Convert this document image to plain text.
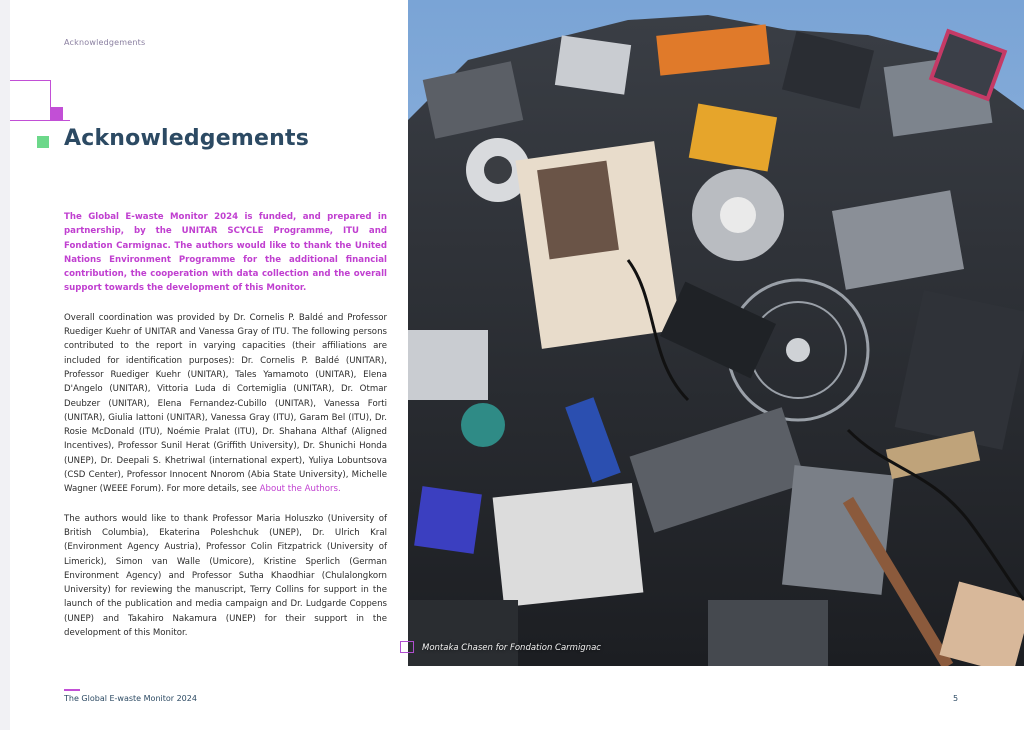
Acknowledgements
Acknowledgements

The Global E-waste Monitor 2024 is funded, and prepared in partnership, by the UNITAR SCYCLE Programme, ITU and Fondation Carmignac. The authors would like to thank the United Nations Environment Programme for the additional financial contribution, the cooperation with data collection and the overall support towards the development of this Monitor.

Overall coordination was provided by Dr. Cornelis P. Baldé and Professor Ruediger Kuehr of UNITAR and Vanessa Gray of ITU. The following persons contributed to the report in varying capacities (their affiliations are included for identification purposes): Dr. Cornelis P. Baldé (UNITAR), Professor Ruediger Kuehr (UNITAR), Tales Yamamoto (UNITAR), Elena D'Angelo (UNITAR), Vittoria Luda di Cortemiglia (UNITAR), Dr. Otmar Deubzer (UNITAR), Elena Fernandez-Cubillo (UNITAR), Vanessa Forti (UNITAR), Giulia Iattoni (UNITAR), Vanessa Gray (ITU), Garam Bel (ITU), Dr. Rosie McDonald (ITU), Noémie Pralat (ITU), Dr. Shahana Althaf (Aligned Incentives), Professor Sunil Herat (Griffith University), Dr. Shunichi Honda (UNEP), Dr. Deepali S. Khetriwal (international expert), Yuliya Lobuntsova (CSD Center), Professor Innocent Nnorom (Abia State University), Michelle Wagner (WEEE Forum). For more details, see About the Authors.

The authors would like to thank Professor Maria Holuszko (University of British Columbia), Ekaterina Poleshchuk (UNEP), Dr. Ulrich Kral (Environment Agency Austria), Professor Colin Fitzpatrick (University of Limerick), Simon van Walle (Umicore), Kristine Sperlich (German Environment Agency) and Professor Sutha Khaodhiar (Chulalongkorn University) for reviewing the manuscript, Terry Collins for support in the launch of the publication and media campaign and Dr. Ludgarde Coppens (UNEP) and Takahiro Nakamura (UNEP) for their support in the development of this Monitor.

Montaka Chasen for Fondation Carmignac
The Global E-waste Monitor 2024	5
